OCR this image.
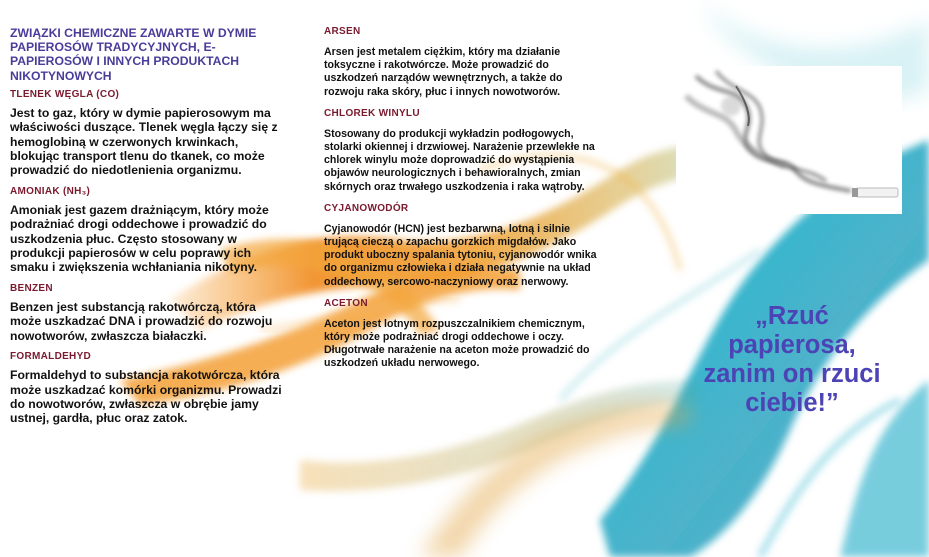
ZWIĄZKI CHEMICZNE ZAWARTE W DYMIE PAPIEROSÓW TRADYCYJNYCH, E-PAPIEROSÓW I INNYCH PRODUKTACH NIKOTYNOWYCH
TLENEK WĘGLA (CO)
Jest to gaz, który w dymie papierosowym ma właściwości duszące. Tlenek węgla łączy się z hemoglobiną w czerwonych krwinkach, blokując transport tlenu do tkanek, co może prowadzić do niedotlenienia organizmu.
AMONIAK (NH₃)
Amoniak jest gazem drażniącym, który może podrażniać drogi oddechowe i prowadzić do uszkodzenia płuc. Często stosowany w produkcji papierosów w celu poprawy ich smaku i zwiększenia wchłaniania nikotyny.
BENZEN
Benzen jest substancją rakotwórczą, która może uszkadzać DNA i prowadzić do rozwoju nowotworów, zwłaszcza białaczki.
FORMALDEHYD
Formaldehyd to substancja rakotwórcza, która może uszkadzać komórki organizmu. Prowadzi do nowotworów, zwłaszcza w obrębie jamy ustnej, gardła, płuc oraz zatok.
ARSEN
Arsen jest metalem ciężkim, który ma działanie toksyczne i rakotwórcze. Może prowadzić do uszkodzeń narządów wewnętrznych, a także do rozwoju raka skóry, płuc i innych nowotworów.
CHLOREK WINYLU
Stosowany do produkcji wykładzin podłogowych, stolarki okiennej i drzwiowej. Narażenie przewlekłe na chlorek winylu może doprowadzić do wystąpienia objawów neurologicznych i behawioralnych, zmian skórnych oraz trwałego uszkodzenia i raka wątroby.
CYJANOWODÓR
Cyjanowodór (HCN) jest bezbarwną, lotną i silnie trującą cieczą o zapachu gorzkich migdałów. Jako produkt uboczny spalania tytoniu, cyjanowodór wnika do organizmu człowieka i działa negatywnie na układ oddechowy, sercowo-naczyniowy oraz nerwowy.
ACETON
Aceton jest lotnym rozpuszczalnikiem chemicznym, który może podrażniać drogi oddechowe i oczy. Długotrwałe narażenie na aceton może prowadzić do uszkodzeń układu nerwowego.
„Rzuć
papierosa,
zanim on rzuci
ciebie!”
